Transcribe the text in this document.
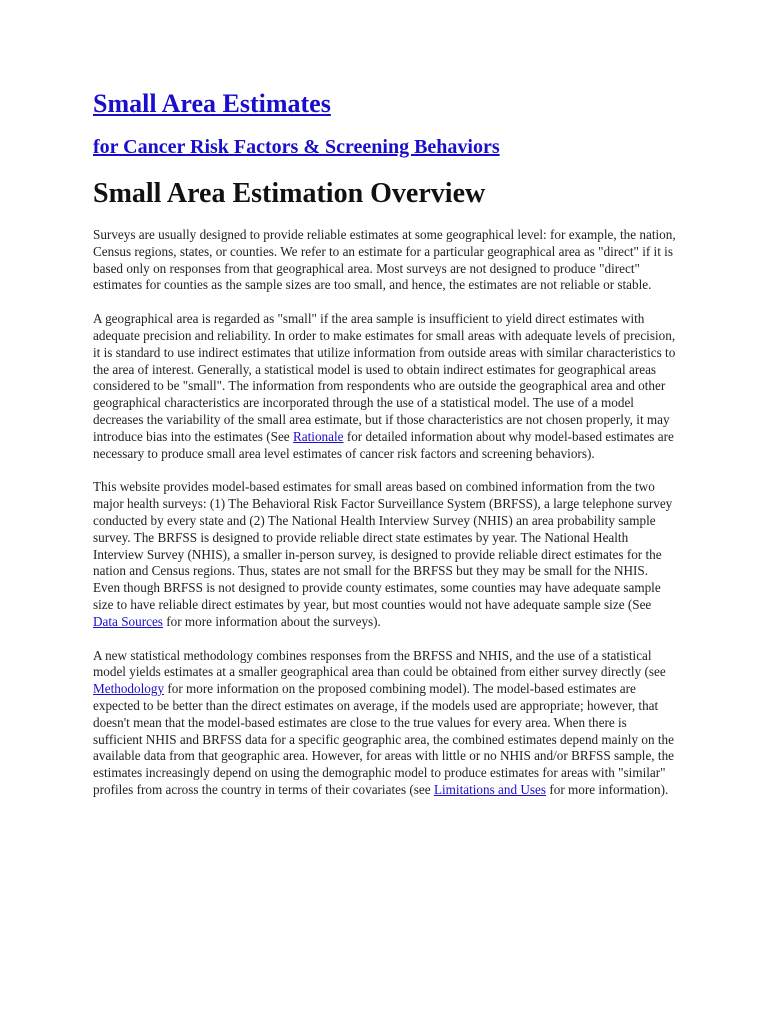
Small Area Estimates
for Cancer Risk Factors & Screening Behaviors
Small Area Estimation Overview

Surveys are usually designed to provide reliable estimates at some geographical level: for example, the nation, Census regions, states, or counties. We refer to an estimate for a particular geographical area as "direct" if it is based only on responses from that geographical area. Most surveys are not designed to produce "direct" estimates for counties as the sample sizes are too small, and hence, the estimates are not reliable or stable.

A geographical area is regarded as "small" if the area sample is insufficient to yield direct estimates with adequate precision and reliability. In order to make estimates for small areas with adequate levels of precision, it is standard to use indirect estimates that utilize information from outside areas with similar characteristics to the area of interest. Generally, a statistical model is used to obtain indirect estimates for geographical areas considered to be "small". The information from respondents who are outside the geographical area and other geographical characteristics are incorporated through the use of a statistical model. The use of a model decreases the variability of the small area estimate, but if those characteristics are not chosen properly, it may introduce bias into the estimates (See Rationale for detailed information about why model-based estimates are necessary to produce small area level estimates of cancer risk factors and screening behaviors).

This website provides model-based estimates for small areas based on combined information from the two major health surveys: (1) The Behavioral Risk Factor Surveillance System (BRFSS), a large telephone survey conducted by every state and (2) The National Health Interview Survey (NHIS) an area probability sample survey. The BRFSS is designed to provide reliable direct state estimates by year. The National Health Interview Survey (NHIS), a smaller in-person survey, is designed to provide reliable direct estimates for the nation and Census regions. Thus, states are not small for the BRFSS but they may be small for the NHIS. Even though BRFSS is not designed to provide county estimates, some counties may have adequate sample size to have reliable direct estimates by year, but most counties would not have adequate sample size (See Data Sources for more information about the surveys).

A new statistical methodology combines responses from the BRFSS and NHIS, and the use of a statistical model yields estimates at a smaller geographical area than could be obtained from either survey directly (see Methodology for more information on the proposed combining model). The model-based estimates are expected to be better than the direct estimates on average, if the models used are appropriate; however, that doesn't mean that the model-based estimates are close to the true values for every area. When there is sufficient NHIS and BRFSS data for a specific geographic area, the combined estimates depend mainly on the available data from that geographic area. However, for areas with little or no NHIS and/or BRFSS sample, the estimates increasingly depend on using the demographic model to produce estimates for areas with "similar" profiles from across the country in terms of their covariates (see Limitations and Uses for more information).
